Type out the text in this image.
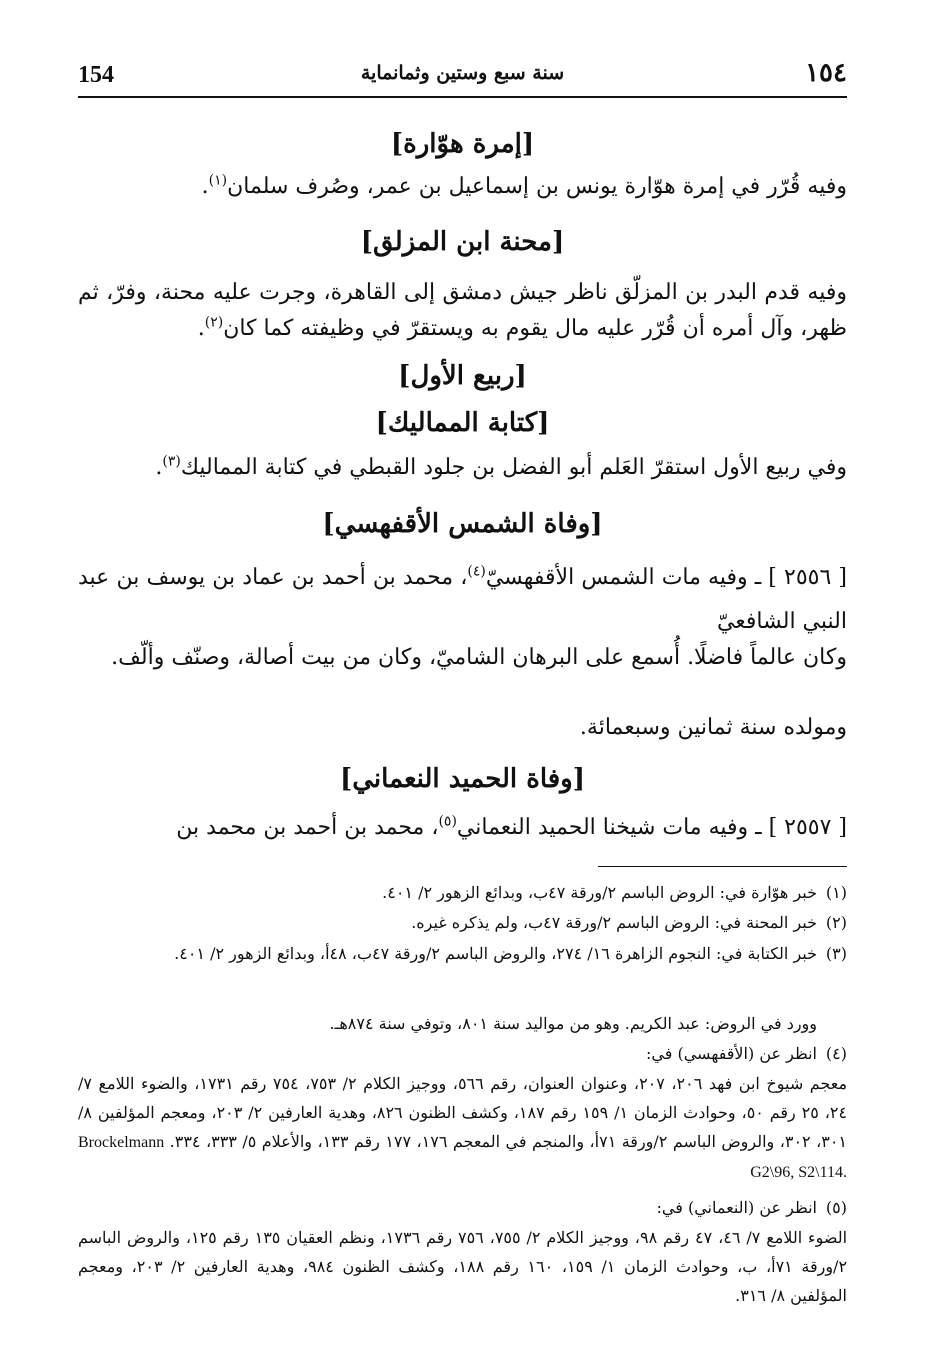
154	سنة سبع وستين وثمانماية	١٥٤
[إمرة هوّارة]

وفيه قُرّر في إمرة هوّارة يونس بن إسماعيل بن عمر، وصُرف سلمان$^{(١)}$.

[محنة ابن المزلق]

وفيه قدم البدر بن المزلّق ناظر جيش دمشق إلى القاهرة، وجرت عليه محنة، وفرّ، ثم ظهر، وآل أمره أن قُرّر عليه مال يقوم به ويستقرّ في وظيفته كما كان$^{(٢)}$.

[ربيع الأول]
[كتابة المماليك]

وفي ربيع الأول استقرّ العَلم أبو الفضل بن جلود القبطي في كتابة المماليك$^{(٣)}$.

[وفاة الشمس الأقفهسي]

[ ٢٥٥٦ ] ـ وفيه مات الشمس الأقفهسيّ$^{(٤)}$، محمد بن أحمد بن عماد بن يوسف بن عبد النبي الشافعيّ

وكان عالماً فاضلًا. أُسمع على البرهان الشاميّ، وكان من بيت أصالة، وصنّف وألّف.

ومولده سنة ثمانين وسبعمائة.

[وفاة الحميد النعماني]

[ ٢٥٥٧ ] ـ وفيه مات شيخنا الحميد النعماني$^{(٥)}$، محمد بن أحمد بن محمد بن

(١)
خبر هوّارة في: الروض الباسم ٢/ورقة ٤٧ب، وبدائع الزهور ٢/ ٤٠١.
(٢)
خبر المحنة في: الروض الباسم ٢/ورقة ٤٧ب، ولم يذكره غيره.
(٣)
خبر الكتابة في: النجوم الزاهرة ١٦/ ٢٧٤، والروض الباسم ٢/ورقة ٤٧ب، ٤٨أ، وبدائع الزهور ٢/ ٤٠١.
وورد في الروض: عبد الكريم. وهو من مواليد سنة ٨٠١، وتوفي سنة ٨٧٤هـ.
(٤)
انظر عن (الأقفهسي) في:
معجم شيوخ ابن فهد ٢٠٦، ٢٠٧، وعنوان العنوان، رقم ٥٦٦، ووجيز الكلام ٢/ ٧٥٣، ٧٥٤ رقم ١٧٣١، والضوء اللامع ٧/ ٢٤، ٢٥ رقم ٥٠، وحوادث الزمان ١/ ١٥٩ رقم ١٨٧، وكشف الظنون ٨٢٦، وهدية العارفين ٢/ ٢٠٣، ومعجم المؤلفين ٨/ ٣٠١، ٣٠٢، والروض الباسم ٢/ورقة ٧١أ، والمنجم في المعجم ١٧٦، ١٧٧ رقم ١٣٣، والأعلام ٥/ ٣٣٣، ٣٣٤. Brockelmann G2\96, S2\114.
(٥)
انظر عن (النعماني) في:
الضوء اللامع ٧/ ٤٦، ٤٧ رقم ٩٨، ووجيز الكلام ٢/ ٧٥٥، ٧٥٦ رقم ١٧٣٦، ونظم العقيان ١٣٥ رقم ١٢٥، والروض الباسم ٢/ورقة ٧١أ، ب، وحوادث الزمان ١/ ١٥٩، ١٦٠ رقم ١٨٨، وكشف الظنون ٩٨٤، وهدية العارفين ٢/ ٢٠٣، ومعجم المؤلفين ٨/ ٣١٦.
